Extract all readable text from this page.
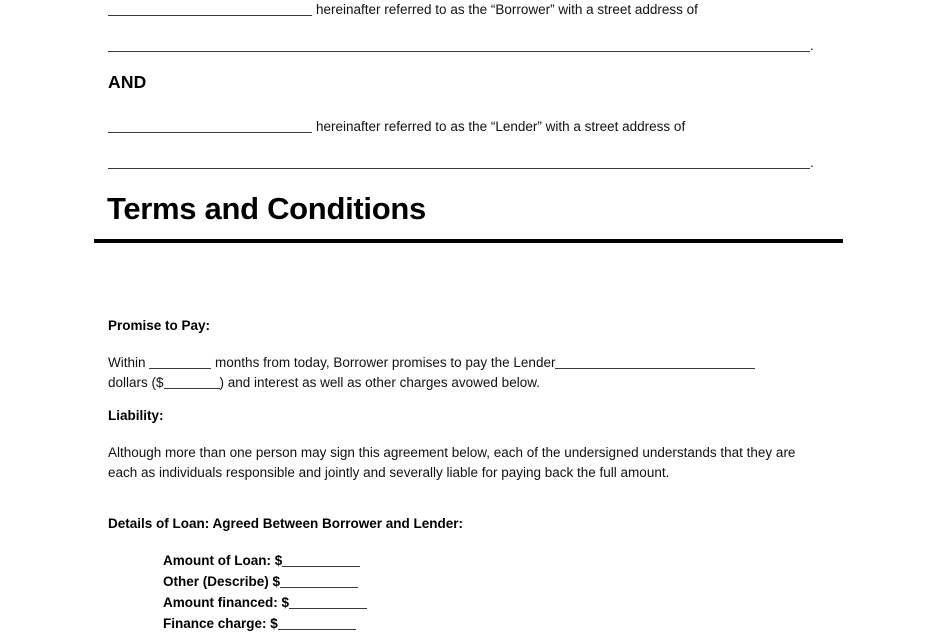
hereinafter referred to as the “Borrower” with a street address of
.
AND
hereinafter referred to as the “Lender” with a street address of
.
Terms and Conditions
Promise to Pay:
Within	months from today, Borrower promises to pay the Lender
dollars ($	) and interest as well as other charges avowed below.
Liability:
Although more than one person may sign this agreement below, each of the undersigned understands that they are each as individuals responsible and jointly and severally liable for paying back the full amount.
Details of Loan: Agreed Between Borrower and Lender:
Amount of Loan: $
Other (Describe) $
Amount financed: $
Finance charge: $
